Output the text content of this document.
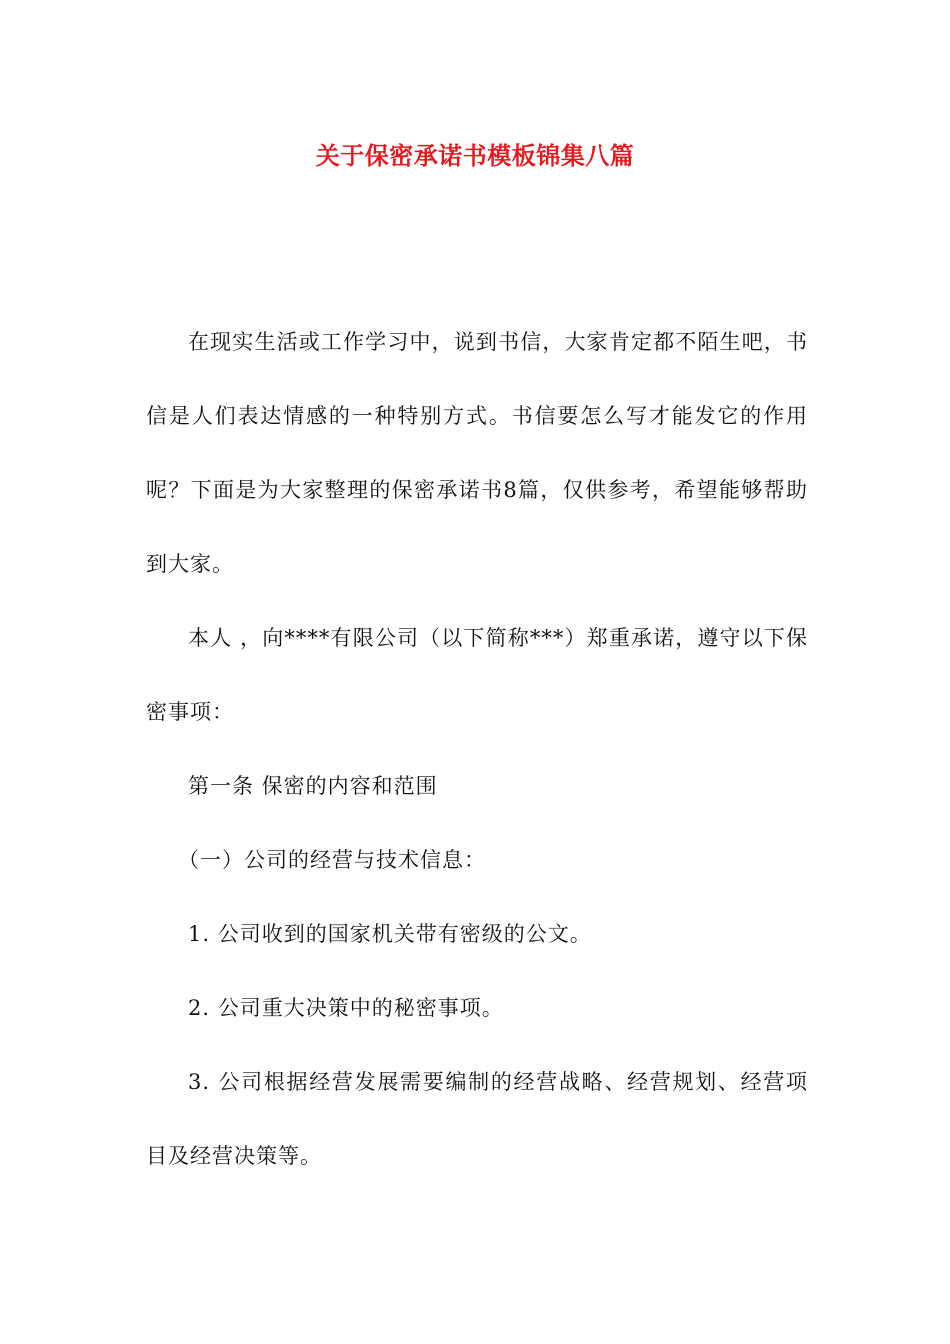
关于保密承诺书模板锦集八篇

在现实生活或工作学习中，说到书信，大家肯定都不陌生吧，书信是人们表达情感的一种特别方式。书信要怎么写才能发它的作用呢？下面是为大家整理的保密承诺书8篇，仅供参考，希望能够帮助到大家。

本人 ，向****有限公司（以下简称***）郑重承诺，遵守以下保密事项：

第一条 保密的内容和范围

（一）公司的经营与技术信息：

1. 公司收到的国家机关带有密级的公文。

2. 公司重大决策中的秘密事项。

3. 公司根据经营发展需要编制的经营战略、经营规划、经营项目及经营决策等。
